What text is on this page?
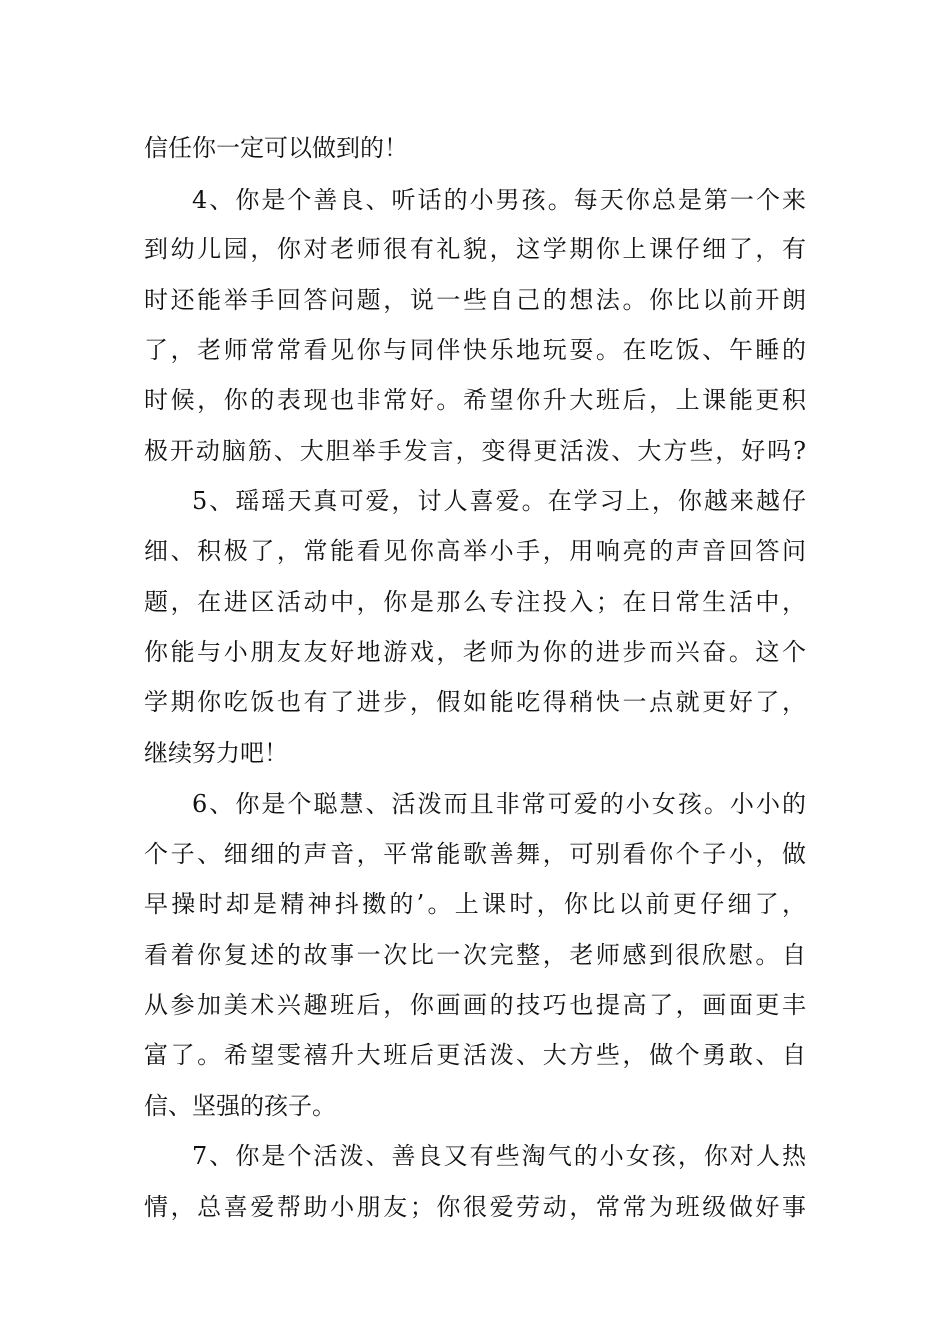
信任你一定可以做到的！
4、你是个善良、听话的小男孩。每天你总是第一个来
到幼儿园，你对老师很有礼貌，这学期你上课仔细了，有
时还能举手回答问题，说一些自己的想法。你比以前开朗
了，老师常常看见你与同伴快乐地玩耍。在吃饭、午睡的
时候，你的表现也非常好。希望你升大班后，上课能更积
极开动脑筋、大胆举手发言，变得更活泼、大方些，好吗?
5、瑶瑶天真可爱，讨人喜爱。在学习上，你越来越仔
细、积极了，常能看见你高举小手，用响亮的声音回答问
题，在进区活动中，你是那么专注投入；在日常生活中，
你能与小朋友友好地游戏，老师为你的进步而兴奋。这个
学期你吃饭也有了进步，假如能吃得稍快一点就更好了，
继续努力吧！
6、你是个聪慧、活泼而且非常可爱的小女孩。小小的
个子、细细的声音，平常能歌善舞，可别看你个子小，做
早操时却是精神抖擞的’。上课时，你比以前更仔细了，
看着你复述的故事一次比一次完整，老师感到很欣慰。自
从参加美术兴趣班后，你画画的技巧也提高了，画面更丰
富了。希望雯禧升大班后更活泼、大方些，做个勇敢、自
信、坚强的孩子。
7、你是个活泼、善良又有些淘气的小女孩，你对人热
情，总喜爱帮助小朋友；你很爱劳动，常常为班级做好事
